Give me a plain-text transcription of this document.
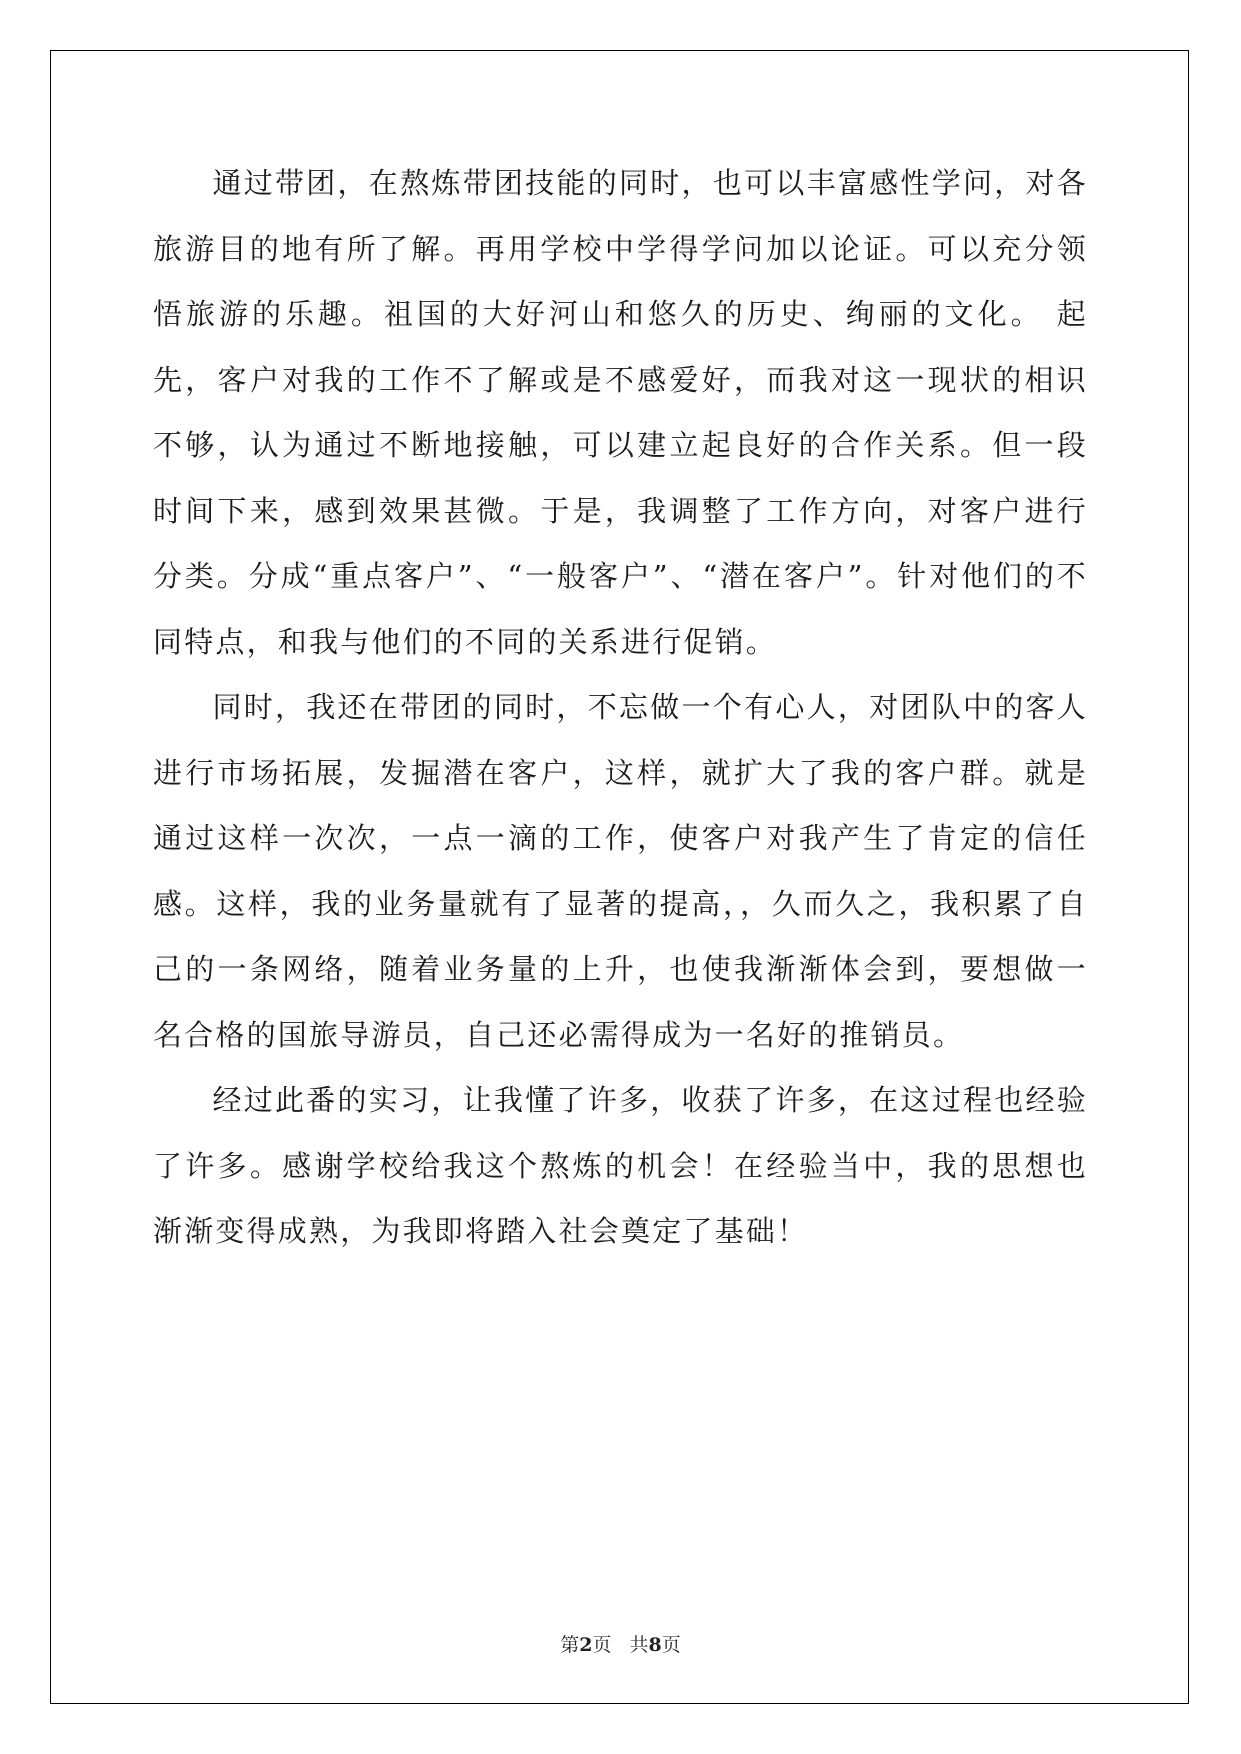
通过带团，在熬炼带团技能的同时，也可以丰富感性学问，对各旅游目的地有所了解。再用学校中学得学问加以论证。可以充分领悟旅游的乐趣。祖国的大好河山和悠久的历史、绚丽的文化。 起先，客户对我的工作不了解或是不感爱好，而我对这一现状的相识不够，认为通过不断地接触，可以建立起良好的合作关系。但一段时间下来，感到效果甚微。于是，我调整了工作方向，对客户进行分类。分成“重点客户”、“一般客户”、“潜在客户”。针对他们的不同特点，和我与他们的不同的关系进行促销。

同时，我还在带团的同时，不忘做一个有心人，对团队中的客人进行市场拓展，发掘潜在客户，这样，就扩大了我的客户群。就是通过这样一次次，一点一滴的工作，使客户对我产生了肯定的信任感。这样，我的业务量就有了显著的提高，，久而久之，我积累了自己的一条网络，随着业务量的上升，也使我渐渐体会到，要想做一名合格的国旅导游员，自己还必需得成为一名好的推销员。

经过此番的实习，让我懂了许多，收获了许多，在这过程也经验了许多。感谢学校给我这个熬炼的机会！在经验当中，我的思想也渐渐变得成熟，为我即将踏入社会奠定了基础！

第2页 共8页
